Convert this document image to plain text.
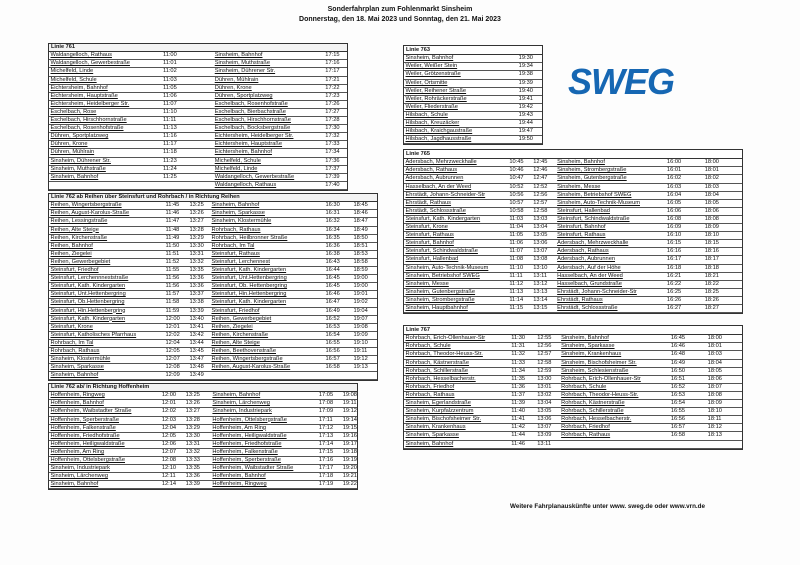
Sonderfahrplan zum Fohlenmarkt Sinsheim
Donnerstag, den 18. Mai 2023 und Sonntag, den 21. Mai 2023
SWEG
Linie 761
Waldangelloch, Rathaus	11:00		Sinsheim, Bahnhof	17:15	
Waldangelloch, Gewerbestraße	11:01		Sinsheim, Muthstraße	17:16	
Michelfeld, Linde	11:02		Sinsheim, Dührener Str.	17:17	
Michelfeld, Schule	11:03		Dühren, Mühlrain	17:21	
Eichtersheim, Bahnhof	11:05		Dühren, Krone	17:22	
Eichtersheim, Hauptstraße	11:06		Dühren, Sportplatzweg	17:23	
Eichtersheim, Heidelberger Str.	11:07		Eschelbach, Rosenhofstraße	17:26	
Eschelbach, Rose	11:10		Eschelbach, Bierbachstraße	17:27	
Eschelbach, Hirschhornstraße	11:11		Eschelbach, Hirschhornstraße	17:28	
Eschelbach, Rosenhofstraße	11:13		Eschelbach, Bocksbergstraße	17:30	
Dühren, Sportplatzweg	11:16		Eichtersheim, Heidelberger Str.	17:32	
Dühren, Krone	11:17		Eichtersheim, Hauptstraße	17:33	
Dühren, Mühlrain	11:18		Eichtersheim, Bahnhof	17:34	
Sinsheim, Dührener Str.	11:23		Michelfeld, Schule	17:36	
Sinsheim, Muthstraße	11:24		Michelfeld, Linde	17:37	
Sinsheim, Bahnhof	11:25		Waldangelloch, Gewerbestraße	17:39	
			Waldangelloch, Rathaus	17:40	
Linie 762 ab Reihen über Steinsfurt und Rohrbach / in Richtung Reihen
Reihen, Wingertsbergstraße	11:45	13:25	Sinsheim, Bahnhof	16:30	18:45
Reihen, August-Karolus-Straße	11:46	13:26	Sinsheim, Sparkasse	16:31	18:46
Reihen, Lessingstraße	11:47	13:27	Sinsheim, Klostermühle	16:32	18:47
Reihen, Alte Steige	11:48	13:28	Rohrbach, Rathaus	16:34	18:49
Reihen, Kirchenstraße	11:49	13:29	Rohrbach, Heilbronner Straße	16:35	18:50
Reihen, Bahnhof	11:50	13:30	Rohrbach, Im Tal	16:36	18:51
Reihen, Ziegelei	11:51	13:31	Steinsfurt, Rathaus	16:38	18:53
Reihen, Gewerbegebiet	11:52	13:32	Steinsfurt, Lerchennest	16:43	18:58
Steinsfurt, Friedhof	11:55	13:35	Steinsfurt, Kath. Kindergarten	16:44	18:59
Steinsfurt, Lerchennneststraße	11:56	13:36	Steinsfurt, Unt.Hettenbergring	16:45	19:00
Steinsfurt, Kath. Kindergarten	11:56	13:36	Steinsfurt, Ob. Hettenbergring	16:45	19:00
Steinsfurt, Unt.Hettenbergring	11:57	13:37	Steinsfurt, Hin.Hettenbergring	16:46	19:01
Steinsfurt, Ob.Hettenbergring	11:58	13:38	Steinsfurt, Kath. Kindergarten	16:47	19:02
Steinsfurt, Hin.Hettenbergring	11:59	13:39	Steinsfurt, Friedhof	16:49	19:04
Steinsfurt, Kath. Kindergarten	12:00	13:40	Reihen, Gewerbegebiet	16:52	19:07
Steinsfurt, Krone	12:01	13:41	Reihen, Ziegelei	16:53	19:08
Steinsfurt, Katholisches Pfarrhaus	12:02	13:42	Reihen, Kirchenstraße	16:54	19:09
Rohrbach, Im Tal	12:04	13:44	Reihen, Alte Steige	16:55	19:10
Rohrbach, Rathaus	12:05	13:45	Reihen, Beethovenstraße	16:56	19:11
Sinsheim, Klostermühle	12:07	13:47	Reihen, Wingertsbergstraße	16:57	19:12
Sinsheim, Sparkasse	12:08	13:48	Reihen, August-Karolus-Straße	16:58	19:13
Sinsheim, Bahnhof	12:09	13:49			
Linie 762 ab/ in Richtung Hoffenheim
Hoffenheim, Ringweg	12:00	13:25	Sinsheim, Bahnhof	17:05	19:08
Hoffenheim, Bahnhof	12:01	13:26	Sinsheim, Lärchenweg	17:08	19:11
Hoffenheim, Waibstadter Straße	12:02	13:27	Sinsheim, Industriepark	17:09	19:12
Hoffenheim, Sperberstraße	12:03	13:28	Hoffenheim, Ottelsbergstraße	17:11	19:14
Hoffenheim, Falkenstraße	12:04	13:29	Hoffenheim, Am Ring	17:12	19:15
Hoffenheim, Friedhofstraße	12:05	13:30	Hoffenheim, Heiligwaldstraße	17:13	19:16
Hoffenheim, Heiligwaldstraße	12:06	13:31	Hoffenheim, Friedhofstraße	17:14	19:17
Hoffenheim, Am Ring	12:07	13:32	Hoffenheim, Falkenstraße	17:15	19:18
Hoffenheim, Ottelsbergstraße	12:08	13:33	Hoffenheim, Sperberstraße	17:16	19:19
Sinsheim, Industriepark	12:10	13:35	Hoffenheim, Waibstadter Straße	17:17	19:20
Sinsheim, Lärchenweg	12:11	13:36	Hoffenheim, Bahnhof	17:18	19:21
Sinsheim, Bahnhof	12:14	13:39	Hoffenheim, Ringweg	17:19	19:22
Linie 763
Sinsheim, Bahnhof	19:30
Weiler, Weißer Stein	19:34
Weiler, Grötzenstraße	19:38
Weiler, Ortsmitte	19:39
Weiler, Reihener Straße	19:40
Weiler, Rohräckerstraße	19:41
Weiler, Fliederstraße	19:42
Hilsbach, Schule	19:43
Hilsbach, Kreuzäcker	19:44
Hilsbach, Kraichgaustraße	19:47
Hilsbach, Jagdhausstraße	19:50
Linie 765
Adersbach, Mehrzweckhalle	10:45	12:45	Sinsheim, Bahnhof	16:00	18:00
Adersbach, Rathaus	10:46	12:46	Sinsheim, Strombergstraße	16:01	18:01
Adersbach, Aubrunnen	10:47	12:47	Sinsheim, Gutenbergstraße	16:02	18:02
Hasselbach, An der Weed	10:52	12:52	Sinsheim, Messe	16:03	18:03
Ehrstädt, Johann-Schneider-Str	10:56	12:56	Sinsheim, Betriebshof SWEG	16:04	18:04
Ehrstädt, Rathaus	10:57	12:57	Sinsheim, Auto-Technik-Museum	16:05	18:05
Ehrstädt, Schlossstraße	10:58	12:58	Steinsfurt, Hallenbad	16:06	18:06
Steinsfurt, Kath. Kindergarten	11:03	13:03	Steinsfurt, Schindwaldstraße	16:08	18:08
Steinsfurt, Krone	11:04	13:04	Steinsfurt, Bahnhof	16:09	18:09
Steinsfurt, Rathaus	11:05	13:05	Steinsfurt, Rathaus	16:10	18:10
Steinsfurt, Bahnhof	11:06	13:06	Adersbach, Mehrzweckhalle	16:15	18:15
Steinsfurt, Schindwaldstraße	11:07	13:07	Adersbach, Rathaus	16:16	18:16
Steinsfurt, Hallenbad	11:08	13:08	Adersbach, Aubrunnen	16:17	18:17
Sinsheim, Auto-Technik-Museum	11:10	13:10	Adersbach, Auf der Höhe	16:18	18:18
Sinsheim, Betriebshof SWEG	11:11	13:11	Hasselbach, An der Weed	16:21	18:21
Sinsheim, Messe	11:12	13:12	Hasselbach, Grundstraße	16:22	18:22
Sinsheim, Gutenbergstraße	11:13	13:13	Ehrstädt, Johann-Schneider-Str	16:25	18:25
Sinsheim, Strombergstraße	11:14	13:14	Ehrstädt, Rathaus	16:26	18:26
Sinsheim, Hauptbahnhof	11:15	13:15	Ehrstädt, Schlossstraße	16:27	18:27
Linie 767
Rohrbach, Erich-Ollenhauer-Str	11:30	12:55	Sinsheim, Bahnhof	16:45	18:00
Rohrbach, Schule	11:31	12:56	Sinsheim, Sparkasse	16:46	18:01
Rohrbach, Theodor-Heuss-Str.	11:32	12:57	Sinsheim, Krankenhaus	16:48	18:03
Rohrbach, Kästnerstraße	11:33	12:58	Sinsheim, Bischofsheimer Str.	16:49	18:04
Rohrbach, Schillerstraße	11:34	12:59	Sinsheim, Schlesienstraße	16:50	18:05
Rohrbach, Hesselbacherstr.	11:35	13:00	Rohrbach, Erich-Ollenhauer-Str	16:51	18:06
Rohrbach, Friedhof	11:36	13:01	Rohrbach, Schule	16:52	18:07
Rohrbach, Rathaus	11:37	13:02	Rohrbach, Theodor-Heuss-Str.	16:53	18:08
Sinsheim, Egerlandstraße	11:39	13:04	Rohrbach, Kästnerstraße	16:54	18:09
Sinsheim, Kurpfalzzentrum	11:40	13:05	Rohrbach, Schillerstraße	16:55	18:10
Sinsheim, Bischofsheimer Str.	11:41	13:06	Rohrbach, Hesselbacherstr.	16:56	18:11
Sinsheim, Krankenhaus	11:42	13:07	Rohrbach, Friedhof	16:57	18:12
Sinsheim, Sparkasse	11:44	13:09	Rohrbach, Rathaus	16:58	18:13
Sinsheim, Bahnhof	11:46	13:11			
Weitere Fahrplanauskünfte unter www. sweg.de oder www.vrn.de
